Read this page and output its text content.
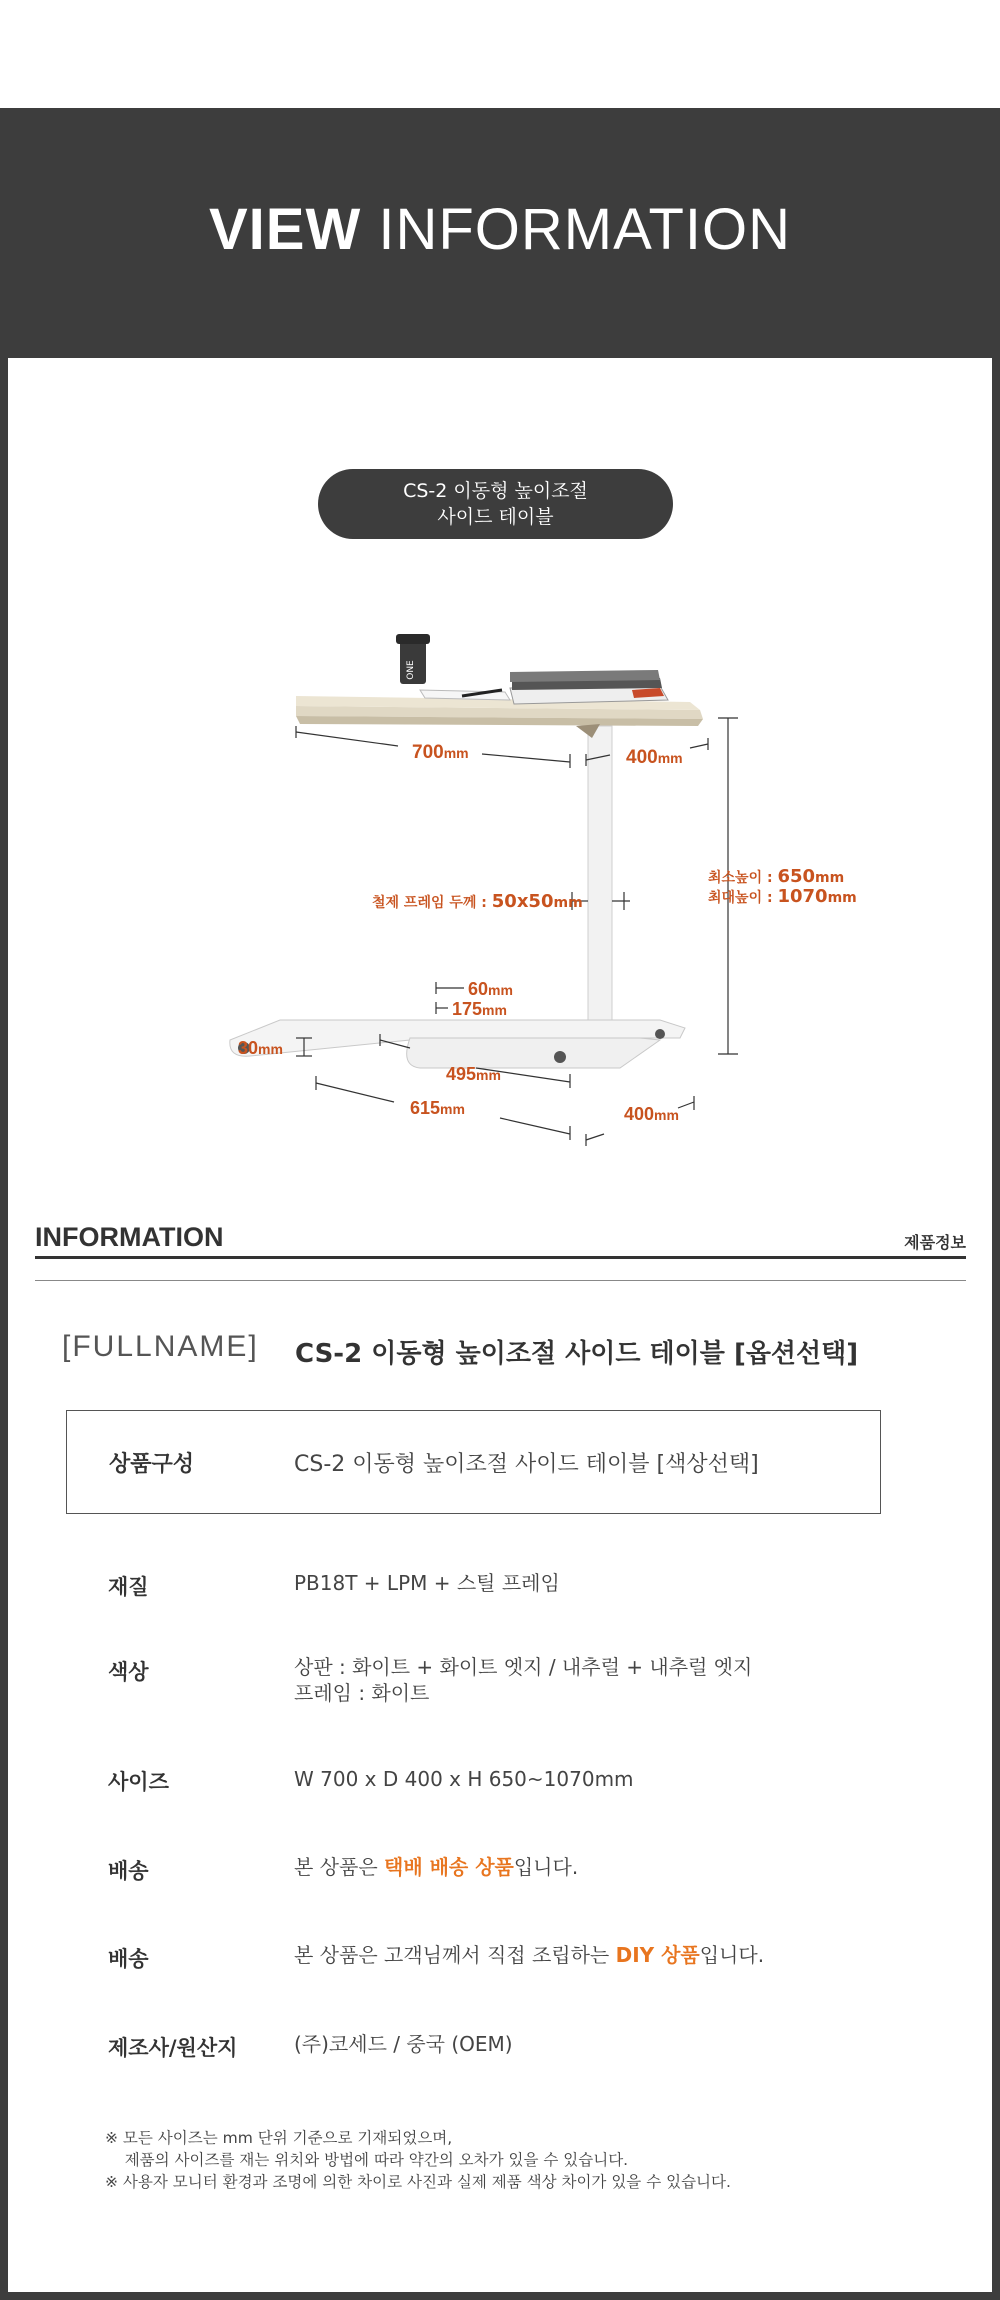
VIEW INFORMATION
CS-2 이동형 높이조절
사이드 테이블
ONE
700mm	400mm
철제 프레임 두께 : 50x50mm
최소높이 : 650mm
최대높이 : 1070mm
60mm
175mm
30mm
495mm
615mm	400mm
INFORMATION	제품정보
[FULLNAME] CS-2 이동형 높이조절 사이드 테이블 [옵션선택]
상품구성	CS-2 이동형 높이조절 사이드 테이블 [색상선택]
재질	PB18T + LPM + 스틸 프레임
색상	상판 : 화이트 + 화이트 엣지 / 내추럴 + 내추럴 엣지
프레임 : 화이트
사이즈	W 700 x D 400 x H 650~1070mm
배송	본 상품은 택배 배송 상품입니다.
배송	본 상품은 고객님께서 직접 조립하는 DIY 상품입니다.
제조사/원산지	(주)코세드 / 중국 (OEM)

※ 모든 사이즈는 mm 단위 기준으로 기재되었으며,

제품의 사이즈를 재는 위치와 방법에 따라 약간의 오차가 있을 수 있습니다.

※ 사용자 모니터 환경과 조명에 의한 차이로 사진과 실제 제품 색상 차이가 있을 수 있습니다.
